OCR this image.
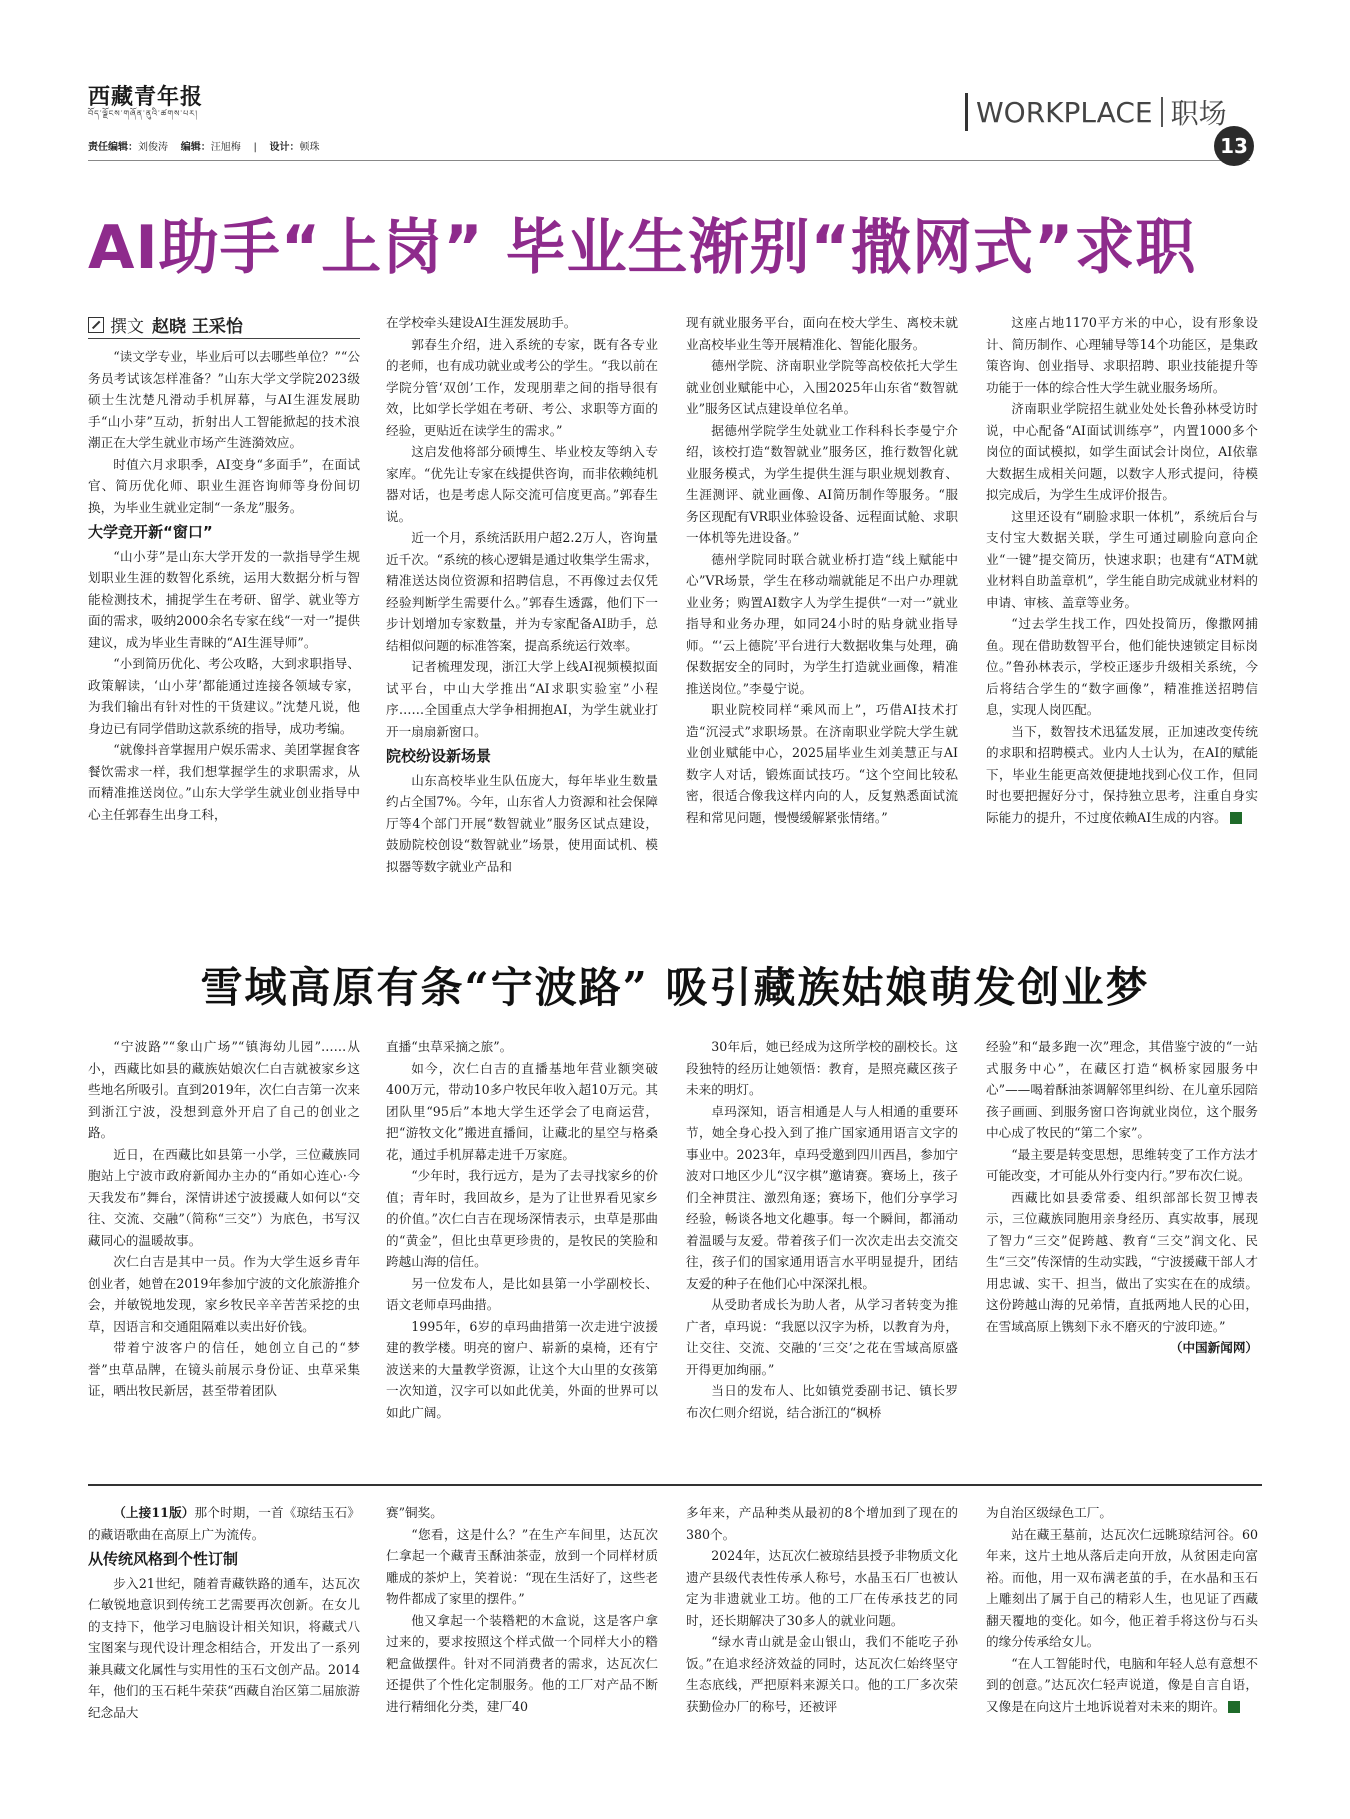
西藏青年报
བོད་ལྗོངས་གཞོན་ནུའི་ཚགས་པར།
责任编辑：刘俊涛 编辑：汪旭梅 | 设计：顿珠
WORKPLACE 职场
13
AI助手“上岗” 毕业生渐别“撒网式”求职
撰文 赵晓 王采怡

“读文学专业，毕业后可以去哪些单位？”“公务员考试该怎样准备？”山东大学文学院2023级硕士生沈楚凡滑动手机屏幕，与AI生涯发展助手“山小芽”互动，折射出人工智能掀起的技术浪潮正在大学生就业市场产生涟漪效应。

时值六月求职季，AI变身“多面手”，在面试官、简历优化师、职业生涯咨询师等身份间切换，为毕业生就业定制“一条龙”服务。

大学竞开新“窗口”

“山小芽”是山东大学开发的一款指导学生规划职业生涯的数智化系统，运用大数据分析与智能检测技术，捕捉学生在考研、留学、就业等方面的需求，吸纳2000余名专家在线“一对一”提供建议，成为毕业生青睐的“AI生涯导师”。

“小到简历优化、考公攻略，大到求职指导、政策解读，‘山小芽’都能通过连接各领域专家，为我们输出有针对性的干货建议。”沈楚凡说，他身边已有同学借助这款系统的指导，成功考编。

“就像抖音掌握用户娱乐需求、美团掌握食客餐饮需求一样，我们想掌握学生的求职需求，从而精准推送岗位。”山东大学学生就业创业指导中心主任郭春生出身工科，

在学校牵头建设AI生涯发展助手。

郭春生介绍，进入系统的专家，既有各专业的老师，也有成功就业或考公的学生。“我以前在学院分管‘双创’工作，发现朋辈之间的指导很有效，比如学长学姐在考研、考公、求职等方面的经验，更贴近在读学生的需求。”

这启发他将部分硕博生、毕业校友等纳入专家库。“优先让专家在线提供咨询，而非依赖纯机器对话，也是考虑人际交流可信度更高。”郭春生说。

近一个月，系统活跃用户超2.2万人，咨询量近千次。“系统的核心逻辑是通过收集学生需求，精准送达岗位资源和招聘信息，不再像过去仅凭经验判断学生需要什么。”郭春生透露，他们下一步计划增加专家数量，并为专家配备AI助手，总结相似问题的标准答案，提高系统运行效率。

记者梳理发现，浙江大学上线AI视频模拟面试平台，中山大学推出“AI求职实验室”小程序……全国重点大学争相拥抱AI，为学生就业打开一扇扇新窗口。

院校纷设新场景

山东高校毕业生队伍庞大，每年毕业生数量约占全国7%。今年，山东省人力资源和社会保障厅等4个部门开展“数智就业”服务区试点建设，鼓励院校创设“数智就业”场景，使用面试机、模拟器等数字就业产品和

现有就业服务平台，面向在校大学生、离校未就业高校毕业生等开展精准化、智能化服务。

德州学院、济南职业学院等高校依托大学生就业创业赋能中心，入围2025年山东省“数智就业”服务区试点建设单位名单。

据德州学院学生处就业工作科科长李曼宁介绍，该校打造“数智就业”服务区，推行数智化就业服务模式，为学生提供生涯与职业规划教育、生涯测评、就业画像、AI简历制作等服务。“服务区现配有VR职业体验设备、远程面试舱、求职一体机等先进设备。”

德州学院同时联合就业桥打造“线上赋能中心”VR场景，学生在移动端就能足不出户办理就业业务；购置AI数字人为学生提供“一对一”就业指导和业务办理，如同24小时的贴身就业指导师。“‘云上德院’平台进行大数据收集与处理，确保数据安全的同时，为学生打造就业画像，精准推送岗位。”李曼宁说。

职业院校同样“乘风而上”，巧借AI技术打造“沉浸式”求职场景。在济南职业学院大学生就业创业赋能中心，2025届毕业生刘美慧正与AI数字人对话，锻炼面试技巧。“这个空间比较私密，很适合像我这样内向的人，反复熟悉面试流程和常见问题，慢慢缓解紧张情绪。”

这座占地1170平方米的中心，设有形象设计、简历制作、心理辅导等14个功能区，是集政策咨询、创业指导、求职招聘、职业技能提升等功能于一体的综合性大学生就业服务场所。

济南职业学院招生就业处处长鲁孙林受访时说，中心配备“AI面试训练亭”，内置1000多个岗位的面试模拟，如学生面试会计岗位，AI依靠大数据生成相关问题，以数字人形式提问，待模拟完成后，为学生生成评价报告。

这里还设有“刷脸求职一体机”，系统后台与支付宝大数据关联，学生可通过刷脸向意向企业“一键”提交简历，快速求职；也建有“ATM就业材料自助盖章机”，学生能自助完成就业材料的申请、审核、盖章等业务。

“过去学生找工作，四处投简历，像撒网捕鱼。现在借助数智平台，他们能快速锁定目标岗位。”鲁孙林表示，学校正逐步升级相关系统，今后将结合学生的“数字画像”，精准推送招聘信息，实现人岗匹配。

当下，数智技术迅猛发展，正加速改变传统的求职和招聘模式。业内人士认为，在AI的赋能下，毕业生能更高效便捷地找到心仪工作，但同时也要把握好分寸，保持独立思考，注重自身实际能力的提升，不过度依赖AI生成的内容。

雪域高原有条“宁波路” 吸引藏族姑娘萌发创业梦

“宁波路”“象山广场”“镇海幼儿园”……从小，西藏比如县的藏族姑娘次仁白吉就被家乡这些地名所吸引。直到2019年，次仁白吉第一次来到浙江宁波，没想到意外开启了自己的创业之路。

近日，在西藏比如县第一小学，三位藏族同胞站上宁波市政府新闻办主办的“甬如心连心·今天我发布”舞台，深情讲述宁波援藏人如何以“交往、交流、交融”（简称“三交”）为底色，书写汉藏同心的温暖故事。

次仁白吉是其中一员。作为大学生返乡青年创业者，她曾在2019年参加宁波的文化旅游推介会，并敏锐地发现，家乡牧民辛辛苦苦采挖的虫草，因语言和交通阻隔难以卖出好价钱。

带着宁波客户的信任，她创立自己的“梦誉”虫草品牌，在镜头前展示身份证、虫草采集证，晒出牧民新居，甚至带着团队

直播“虫草采摘之旅”。

如今，次仁白吉的直播基地年营业额突破400万元，带动10多户牧民年收入超10万元。其团队里“95后”本地大学生还学会了电商运营，把“游牧文化”搬进直播间，让藏北的星空与格桑花，通过手机屏幕走进千万家庭。

“少年时，我行远方，是为了去寻找家乡的价值；青年时，我回故乡，是为了让世界看见家乡的价值。”次仁白吉在现场深情表示，虫草是那曲的“黄金”，但比虫草更珍贵的，是牧民的笑脸和跨越山海的信任。

另一位发布人，是比如县第一小学副校长、语文老师卓玛曲措。

1995年，6岁的卓玛曲措第一次走进宁波援建的教学楼。明亮的窗户、崭新的桌椅，还有宁波送来的大量教学资源，让这个大山里的女孩第一次知道，汉字可以如此优美，外面的世界可以如此广阔。

30年后，她已经成为这所学校的副校长。这段独特的经历让她领悟：教育，是照亮藏区孩子未来的明灯。

卓玛深知，语言相通是人与人相通的重要环节，她全身心投入到了推广国家通用语言文字的事业中。2023年，卓玛受邀到四川西昌，参加宁波对口地区少儿“汉字棋”邀请赛。赛场上，孩子们全神贯注、激烈角逐；赛场下，他们分享学习经验，畅谈各地文化趣事。每一个瞬间，都涌动着温暖与友爱。带着孩子们一次次走出去交流交往，孩子们的国家通用语言水平明显提升，团结友爱的种子在他们心中深深扎根。

从受助者成长为助人者，从学习者转变为推广者，卓玛说：“我愿以汉字为桥，以教育为舟，让交往、交流、交融的‘三交’之花在雪域高原盛开得更加绚丽。”

当日的发布人、比如镇党委副书记、镇长罗布次仁则介绍说，结合浙江的“枫桥

经验”和“最多跑一次”理念，其借鉴宁波的“一站式服务中心”，在藏区打造“枫桥家园服务中心”——喝着酥油茶调解邻里纠纷、在儿童乐园陪孩子画画、到服务窗口咨询就业岗位，这个服务中心成了牧民的“第二个家”。

“最主要是转变思想，思维转变了工作方法才可能改变，才可能从外行变内行。”罗布次仁说。

西藏比如县委常委、组织部部长贺卫博表示，三位藏族同胞用亲身经历、真实故事，展现了智力“三交”促跨越、教育“三交”润文化、民生“三交”传深情的生动实践，“宁波援藏干部人才用忠诚、实干、担当，做出了实实在在的成绩。这份跨越山海的兄弟情，直抵两地人民的心田，在雪域高原上镌刻下永不磨灭的宁波印迹。”

（中国新闻网）

（上接11版）那个时期，一首《琼结玉石》的藏语歌曲在高原上广为流传。

从传统风格到个性订制

步入21世纪，随着青藏铁路的通车，达瓦次仁敏锐地意识到传统工艺需要再次创新。在女儿的支持下，他学习电脑设计相关知识，将藏式八宝图案与现代设计理念相结合，开发出了一系列兼具藏文化属性与实用性的玉石文创产品。2014年，他们的玉石耗牛荣获“西藏自治区第二届旅游纪念品大

赛”铜奖。

“您看，这是什么？”在生产车间里，达瓦次仁拿起一个藏青玉酥油茶壶，放到一个同样材质雕成的茶炉上，笑着说：“现在生活好了，这些老物件都成了家里的摆件。”

他又拿起一个装糌粑的木盒说，这是客户拿过来的，要求按照这个样式做一个同样大小的糌粑盒做摆件。针对不同消费者的需求，达瓦次仁还提供了个性化定制服务。他的工厂对产品不断进行精细化分类，建厂40

多年来，产品种类从最初的8个增加到了现在的380个。

2024年，达瓦次仁被琼结县授予非物质文化遗产县级代表性传承人称号，水晶玉石厂也被认定为非遗就业工坊。他的工厂在传承技艺的同时，还长期解决了30多人的就业问题。

“绿水青山就是金山银山，我们不能吃子孙饭。”在追求经济效益的同时，达瓦次仁始终坚守生态底线，严把原料来源关口。他的工厂多次荣获勤俭办厂的称号，还被评

为自治区级绿色工厂。

站在藏王墓前，达瓦次仁远眺琼结河谷。60年来，这片土地从落后走向开放，从贫困走向富裕。而他，用一双布满老茧的手，在水晶和玉石上雕刻出了属于自己的精彩人生，也见证了西藏翻天覆地的变化。如今，他正着手将这份与石头的缘分传承给女儿。

“在人工智能时代，电脑和年轻人总有意想不到的创意。”达瓦次仁轻声说道，像是自言自语，又像是在向这片土地诉说着对未来的期许。
